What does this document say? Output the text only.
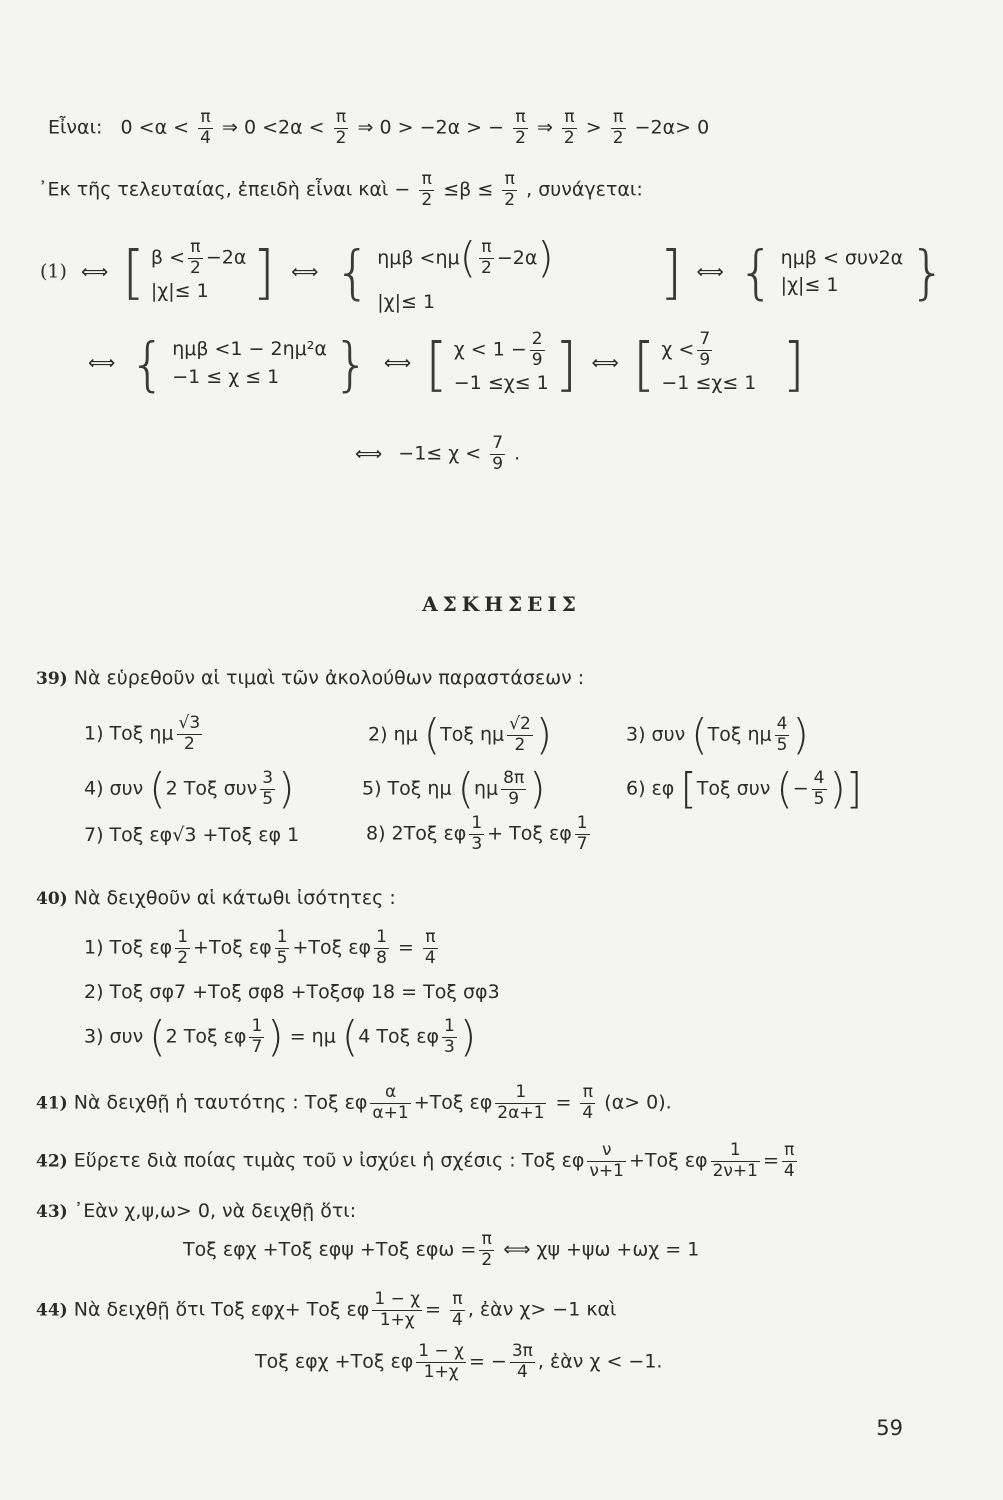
Εἶναι: $0 <\alpha < \frac{\pi}{4}$ ⇒ $0 <2\alpha < \frac{\pi}{2}$ ⇒ 0 > −2α > − $\frac{\pi}{2}$ ⇒ $\frac{\pi}{2} > \frac{\pi}{2} -2\alpha> 0$
᾿Εκ τῆς τελευταίας, ἐπειδὴ εἶναι καὶ − $\frac{\pi}{2} \le\beta \le \frac{\pi}{2}$ , συνάγεται:
(1) ⟺ [ $\beta < \frac{\pi}{2} -2\alpha$
|χ|≤ 1 ] ⟺ { $\eta\mu\beta <\eta\mu( \frac{\pi}{2} -2\alpha)$
|χ|≤ 1	] ⟺ { ημβ < συν2α
|χ|≤ 1	}
⟺ { ημβ <1 − 2ημ²α
−1 ≤ χ ≤ 1 } ⟺ [ $\chi < 1 - \frac{2}{9}$
−1 ≤χ≤ 1 ] ⟺ [ $\chi < \frac{7}{9}$
−1 ≤χ≤ 1 ]
⟺ $-1\le \chi < \frac{7}{9}$ .
ΑΣΚΗΣΕΙΣ
39) Νὰ εὑρεθοῦν αἱ τιμαὶ τῶν ἀκολούθων παραστάσεων :
1) Τοξ ημ $\frac{√3}{2}$	2) ημ (Τοξ ημ $\frac{√2}{2}$ )	3) συν (Τοξ ημ $\frac{4}{5}$ )
4) συν (2 Τοξ συν $\frac{3}{5}$ )	5) Τοξ ημ ($\eta\mu \frac{8\pi}{9}$ )	6) εφ [Τοξ συν (− $\frac{4}{5}$ )]
7) Τοξ εφ√3 +Τοξ εφ 1	8) 2Τοξ εφ $\frac{1}{3} + To\xi$ εφ $\frac{1}{7}$
40) Νὰ δειχθοῦν αἱ κάτωθι ἰσότητες :
1) Τοξ εφ $\frac{1}{2} +To\xi$ εφ $\frac{1}{5} +To\xi$ εφ $\frac{1}{8} = \frac{\pi}{4}$
2) Τοξ σφ7 +Τοξ σφ8 +Τοξσφ 18 = Τοξ σφ3
3) συν (2 Τοξ εφ $\frac{1}{7}$ ) = ημ (4 Τοξ εφ $\frac{1}{3}$ )
41) Νὰ δειχθῇ ἡ ταυτότης : Τοξ εφ $\frac{\alpha}{\alpha+1} +To\xi$ εφ $\frac{1}{2\alpha+1} = \frac{\pi}{4} (\alpha> 0)$.
42) Εὕρετε διὰ ποίας τιμὰς τοῦ ν ἰσχύει ἡ σχέσις : Τοξ εφ $\frac{\nu}{\nu+1} +To\xi$ εφ $\frac{1}{2\nu+1} = \frac{\pi}{4}$
43) ᾿Εὰν χ,ψ,ω> 0, νὰ δειχθῇ ὅτι:
Τοξ εφχ +Τοξ εφψ +Τοξ $\varepsilon\varphi\omega = \frac{\pi}{2}$ ⟺ χψ +ψω +ωχ = 1
44) Νὰ δειχθῇ ὅτι Τοξ εφχ+ Τοξ εφ $\frac{1 - \chi}{1+\chi} = \frac{\pi}{4}$ , ἐὰν χ> −1 καὶ
Τοξ εφχ +Τοξ εφ $\frac{1 - \chi}{1+\chi}$ = − $\frac{3\pi}{4}$ , ἐὰν χ < −1.
59
